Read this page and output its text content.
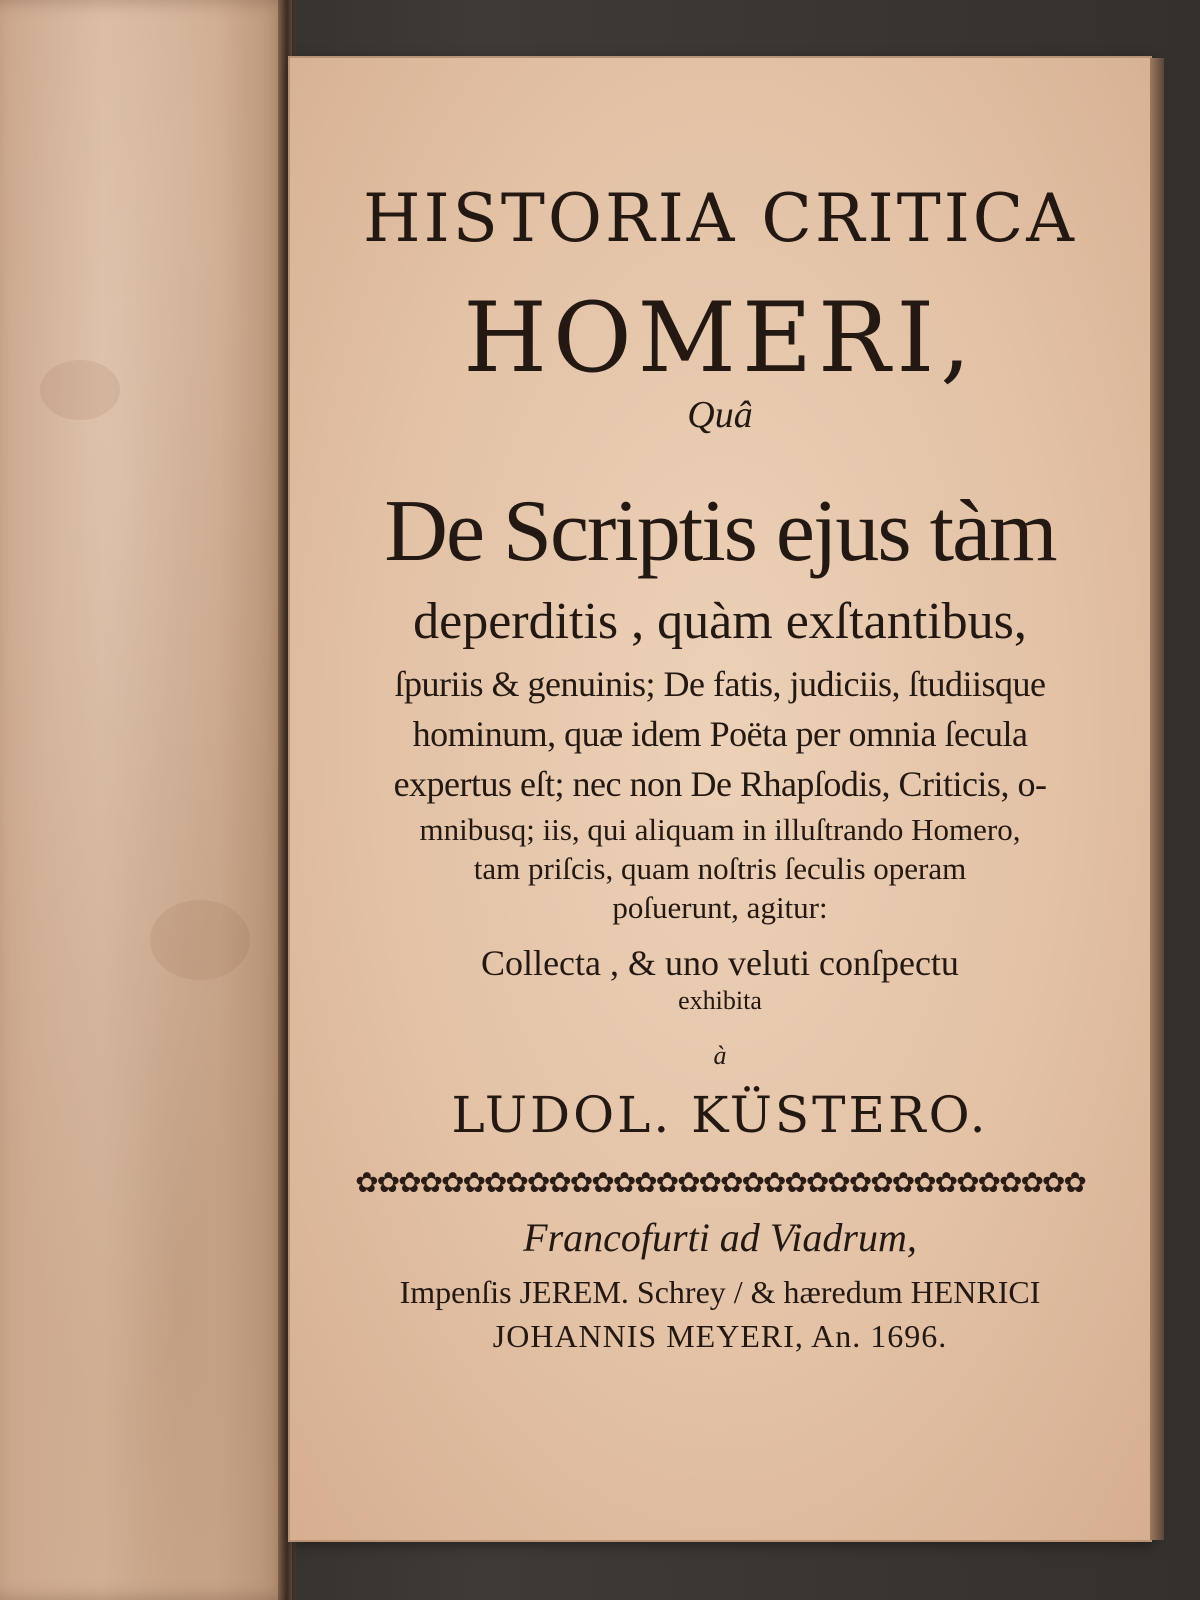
HISTORIA CRITICA
HOMERI,
Quâ
De Scriptis ejus tàm
deperditis , quàm exſtantibus,
ſpuriis & genuinis; De fatis, judiciis, ſtudiisque
hominum, quæ idem Poëta per omnia ſecula
expertus eſt; nec non De Rhapſodis, Criticis, o-
mnibusq; iis, qui aliquam in illuſtrando Homero,
tam priſcis, quam noſtris ſeculis operam
poſuerunt, agitur:
Collecta , & uno veluti conſpectu
exhibita
à
LUDOL. KÜSTERO.
✿✿✿✿✿✿✿✿✿✿✿✿✿✿✿✿✿✿✿✿✿✿✿✿✿✿✿✿✿✿✿✿✿✿
Francofurti ad Viadrum,
Impenſis JEREM. Schrey / & hæredum HENRICI
JOHANNIS MEYERI, An. 1696.
